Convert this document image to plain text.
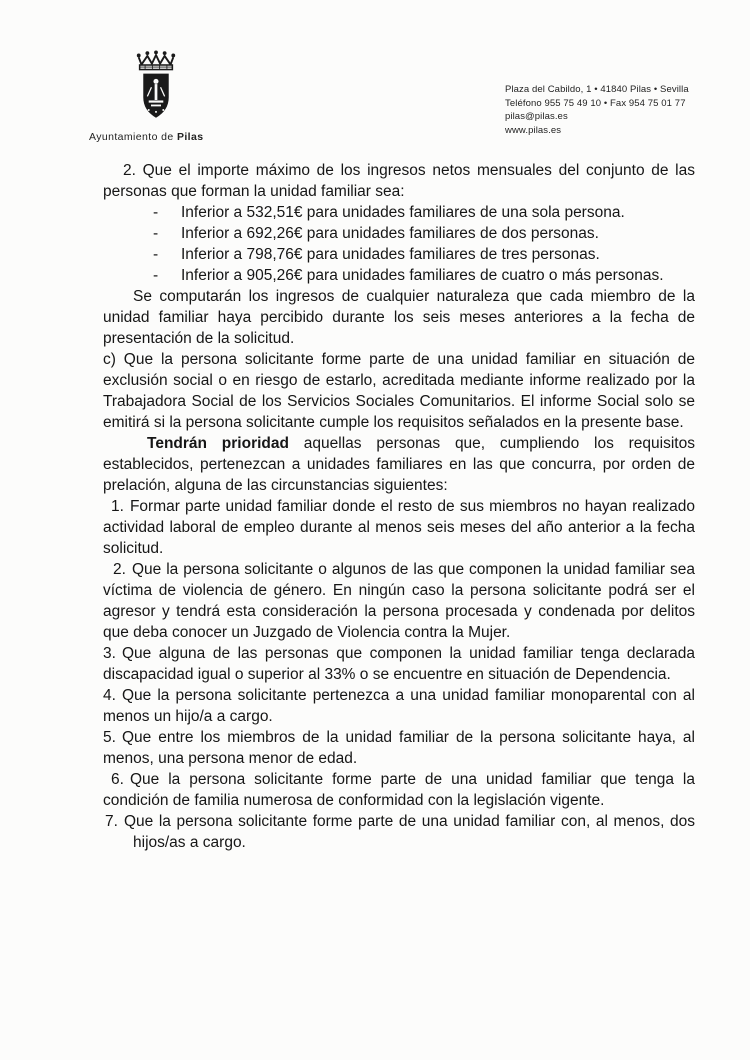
Ayuntamiento de Pilas
Plaza del Cabildo, 1 • 41840 Pilas • Sevilla
Teléfono 955 75 49 10 • Fax 954 75 01 77
pilas@pilas.es
www.pilas.es

2. Que el importe máximo de los ingresos netos mensuales del conjunto de las personas que forman la unidad familiar sea:

- Inferior a 532,51€ para unidades familiares de una sola persona.
- Inferior a 692,26€ para unidades familiares de dos personas.
- Inferior a 798,76€ para unidades familiares de tres personas.
- Inferior a 905,26€ para unidades familiares de cuatro o más personas.

Se computarán los ingresos de cualquier naturaleza que cada miembro de la unidad familiar haya percibido durante los seis meses anteriores a la fecha de presentación de la solicitud.

c) Que la persona solicitante forme parte de una unidad familiar en situación de exclusión social o en riesgo de estarlo, acreditada mediante informe realizado por la Trabajadora Social de los Servicios Sociales Comunitarios. El informe Social solo se emitirá si la persona solicitante cumple los requisitos señalados en la presente base.

Tendrán prioridad aquellas personas que, cumpliendo los requisitos establecidos, pertenezcan a unidades familiares en las que concurra, por orden de prelación, alguna de las circunstancias siguientes:

1. Formar parte unidad familiar donde el resto de sus miembros no hayan realizado actividad laboral de empleo durante al menos seis meses del año anterior a la fecha solicitud.

2. Que la persona solicitante o algunos de las que componen la unidad familiar sea víctima de violencia de género. En ningún caso la persona solicitante podrá ser el agresor y tendrá esta consideración la persona procesada y condenada por delitos que deba conocer un Juzgado de Violencia contra la Mujer.

3. Que alguna de las personas que componen la unidad familiar tenga declarada discapacidad igual o superior al 33% o se encuentre en situación de Dependencia.

4. Que la persona solicitante pertenezca a una unidad familiar monoparental con al menos un hijo/a a cargo.

5. Que entre los miembros de la unidad familiar de la persona solicitante haya, al menos, una persona menor de edad.

6. Que la persona solicitante forme parte de una unidad familiar que tenga la condición de familia numerosa de conformidad con la legislación vigente.

7. Que la persona solicitante forme parte de una unidad familiar con, al menos, dos hijos/as a cargo.
